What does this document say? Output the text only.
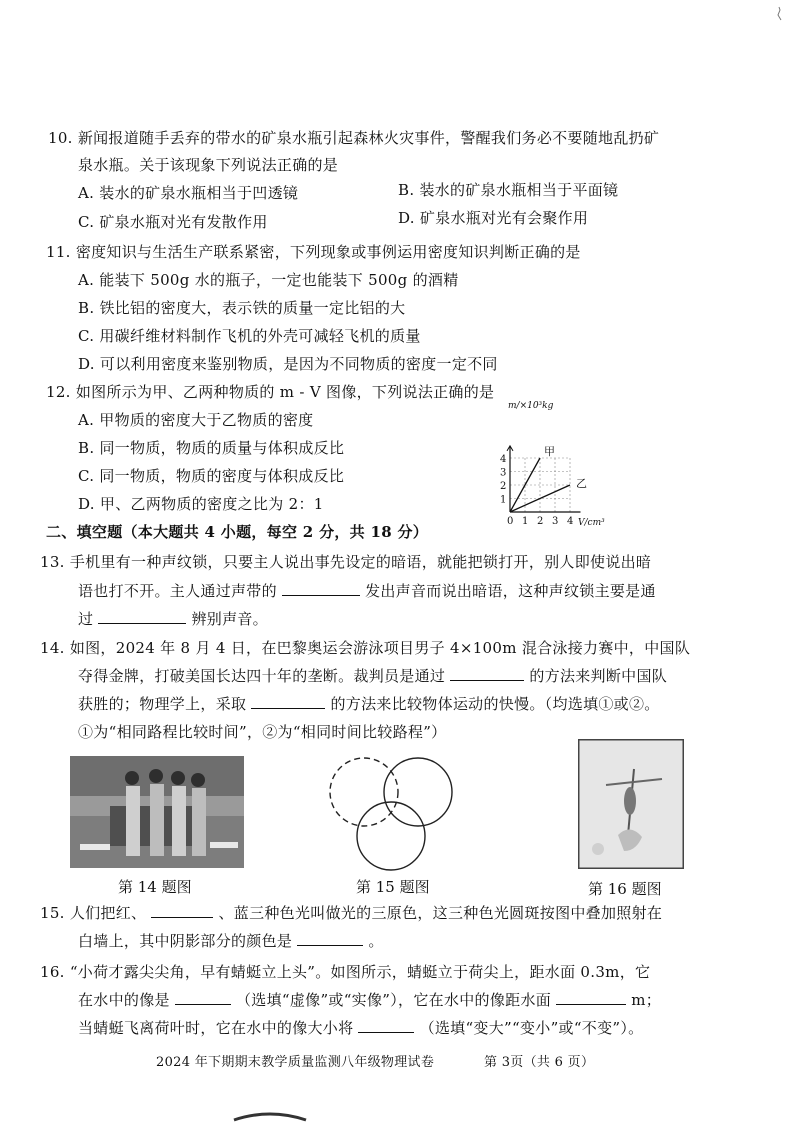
10. 新闻报道随手丢弃的带水的矿泉水瓶引起森林火灾事件，警醒我们务必不要随地乱扔矿
泉水瓶。关于该现象下列说法正确的是
A. 装水的矿泉水瓶相当于凹透镜	B. 装水的矿泉水瓶相当于平面镜
C. 矿泉水瓶对光有发散作用	D. 矿泉水瓶对光有会聚作用
11. 密度知识与生活生产联系紧密，下列现象或事例运用密度知识判断正确的是
A. 能装下 500g 水的瓶子，一定也能装下 500g 的酒精
B. 铁比铝的密度大，表示铁的质量一定比铝的大
C. 用碳纤维材料制作飞机的外壳可减轻飞机的质量
D. 可以利用密度来鉴别物质，是因为不同物质的密度一定不同
12. 如图所示为甲、乙两种物质的 m - V 图像，下列说法正确的是
A. 甲物质的密度大于乙物质的密度
B. 同一物质，物质的质量与体积成反比
C. 同一物质，物质的密度与体积成反比
D. 甲、乙两物质的密度之比为 2：1
甲
乙
0 1 2 3 4
1
2
3
4
m/×10³kg
V/cm³
二、填空题（本大题共 4 小题，每空 2 分，共 18 分）
13. 手机里有一种声纹锁，只要主人说出事先设定的暗语，就能把锁打开，别人即使说出暗
语也打不开。主人通过声带的	发出声音而说出暗语，这种声纹锁主要是通
过	辨别声音。
14. 如图，2024 年 8 月 4 日，在巴黎奥运会游泳项目男子 4×100m 混合泳接力赛中，中国队
夺得金牌，打破美国长达四十年的垄断。裁判员是通过	的方法来判断中国队
获胜的；物理学上，采取	的方法来比较物体运动的快慢。（均选填①或②。
①为“相同路程比较时间”，②为“相同时间比较路程”）
第 14 题图	第 15 题图	第 16 题图
15. 人们把红、	、蓝三种色光叫做光的三原色，这三种色光圆斑按图中叠加照射在
白墙上，其中阴影部分的颜色是	。
16. “小荷才露尖尖角，早有蜻蜓立上头”。如图所示，蜻蜓立于荷尖上，距水面 0.3m，它
在水中的像是	（选填“虚像”或“实像”），它在水中的像距水面	m；
当蜻蜓飞离荷叶时，它在水中的像大小将	（选填“变大”“变小”或“不变”）。
2024 年下期期末教学质量监测八年级物理试卷	第 3页（共 6 页）
